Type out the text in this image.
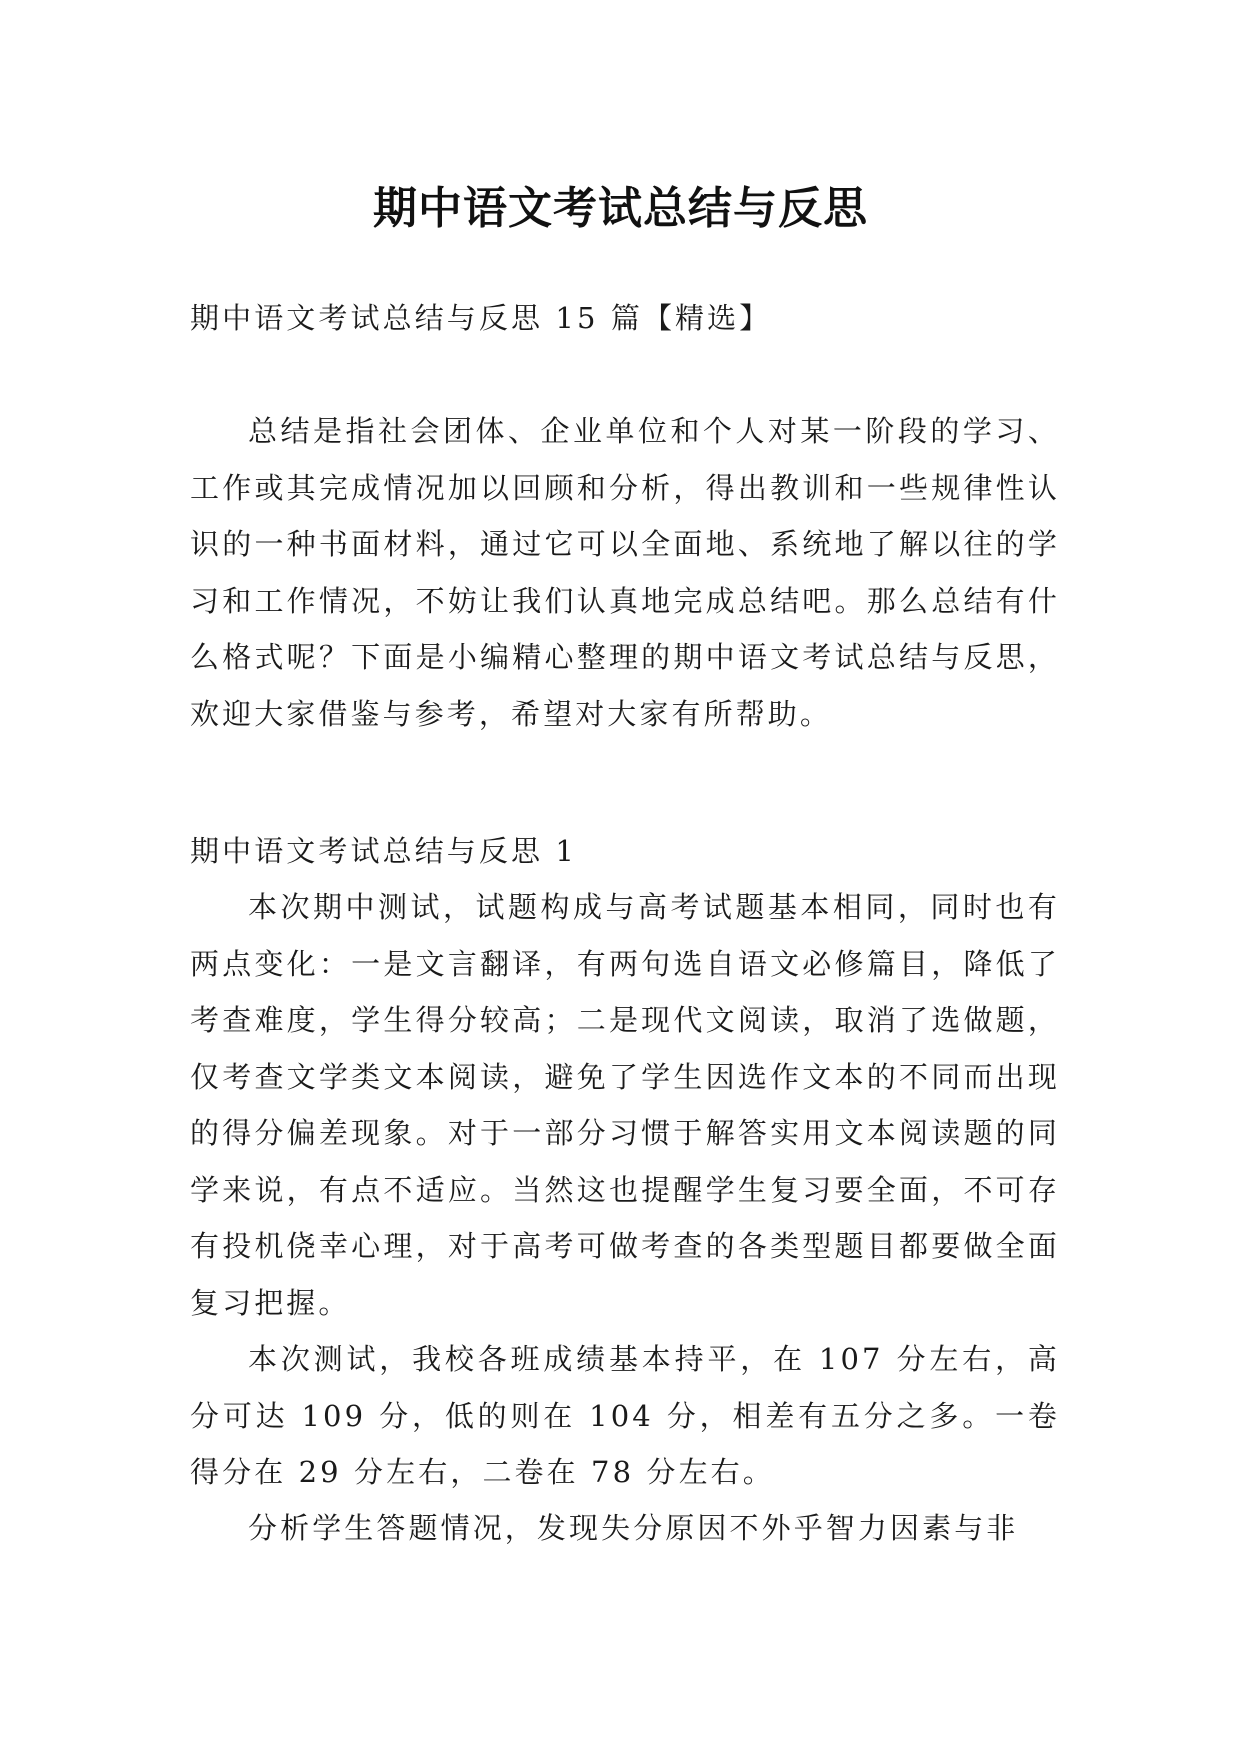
期中语文考试总结与反思

期中语文考试总结与反思 15 篇【精选】

总结是指社会团体、企业单位和个人对某一阶段的学习、工作或其完成情况加以回顾和分析，得出教训和一些规律性认识的一种书面材料，通过它可以全面地、系统地了解以往的学习和工作情况，不妨让我们认真地完成总结吧。那么总结有什么格式呢？下面是小编精心整理的期中语文考试总结与反思，欢迎大家借鉴与参考，希望对大家有所帮助。

期中语文考试总结与反思 1

本次期中测试，试题构成与高考试题基本相同，同时也有两点变化：一是文言翻译，有两句选自语文必修篇目，降低了考查难度，学生得分较高；二是现代文阅读，取消了选做题，仅考查文学类文本阅读，避免了学生因选作文本的不同而出现的得分偏差现象。对于一部分习惯于解答实用文本阅读题的同学来说，有点不适应。当然这也提醒学生复习要全面，不可存有投机侥幸心理，对于高考可做考查的各类型题目都要做全面复习把握。

本次测试，我校各班成绩基本持平，在 107 分左右，高分可达 109 分，低的则在 104 分，相差有五分之多。一卷得分在 29 分左右，二卷在 78 分左右。

分析学生答题情况，发现失分原因不外乎智力因素与非
